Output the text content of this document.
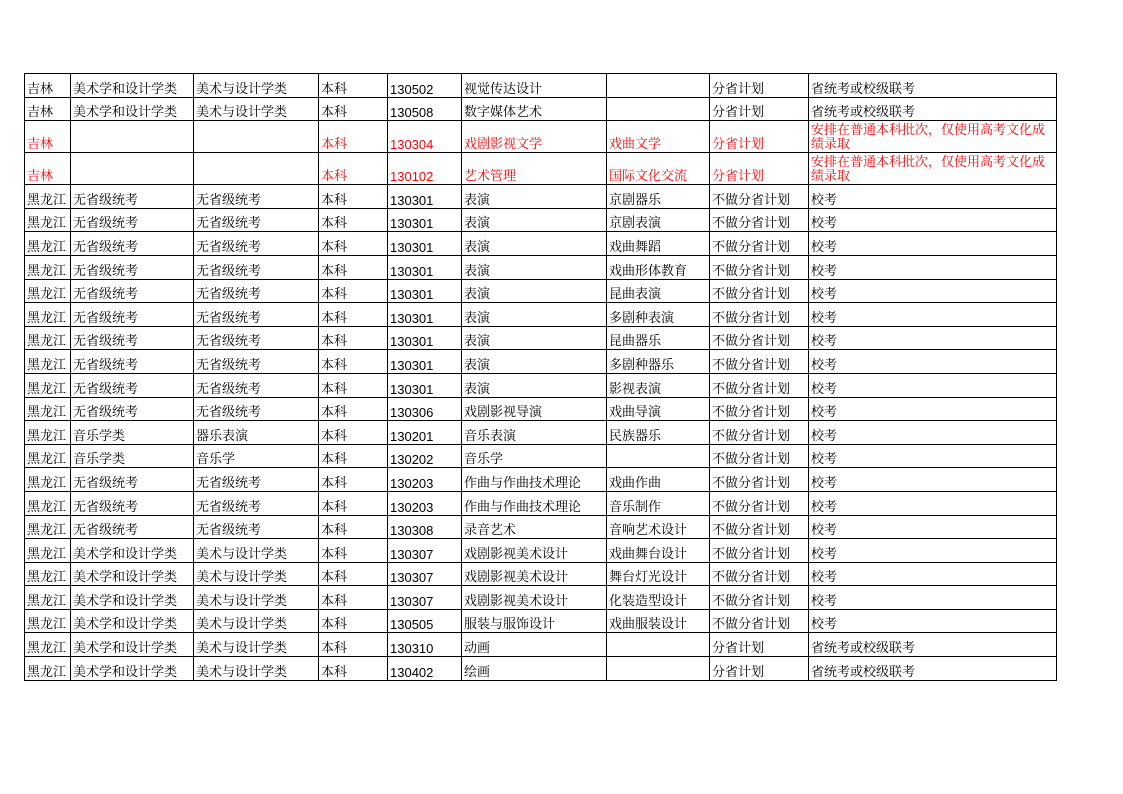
吉林	美术学和设计学类	美术与设计学类	本科	130502	视觉传达设计		分省计划	省统考或校级联考
吉林	美术学和设计学类	美术与设计学类	本科	130508	数字媒体艺术		分省计划	省统考或校级联考
吉林			本科	130304	戏剧影视文学	戏曲文学	分省计划	安排在普通本科批次，仅使用高考文化成绩录取
吉林			本科	130102	艺术管理	国际文化交流	分省计划	安排在普通本科批次，仅使用高考文化成绩录取
黑龙江	无省级统考	无省级统考	本科	130301	表演	京剧器乐	不做分省计划	校考
黑龙江	无省级统考	无省级统考	本科	130301	表演	京剧表演	不做分省计划	校考
黑龙江	无省级统考	无省级统考	本科	130301	表演	戏曲舞蹈	不做分省计划	校考
黑龙江	无省级统考	无省级统考	本科	130301	表演	戏曲形体教育	不做分省计划	校考
黑龙江	无省级统考	无省级统考	本科	130301	表演	昆曲表演	不做分省计划	校考
黑龙江	无省级统考	无省级统考	本科	130301	表演	多剧种表演	不做分省计划	校考
黑龙江	无省级统考	无省级统考	本科	130301	表演	昆曲器乐	不做分省计划	校考
黑龙江	无省级统考	无省级统考	本科	130301	表演	多剧种器乐	不做分省计划	校考
黑龙江	无省级统考	无省级统考	本科	130301	表演	影视表演	不做分省计划	校考
黑龙江	无省级统考	无省级统考	本科	130306	戏剧影视导演	戏曲导演	不做分省计划	校考
黑龙江	音乐学类	器乐表演	本科	130201	音乐表演	民族器乐	不做分省计划	校考
黑龙江	音乐学类	音乐学	本科	130202	音乐学		不做分省计划	校考
黑龙江	无省级统考	无省级统考	本科	130203	作曲与作曲技术理论	戏曲作曲	不做分省计划	校考
黑龙江	无省级统考	无省级统考	本科	130203	作曲与作曲技术理论	音乐制作	不做分省计划	校考
黑龙江	无省级统考	无省级统考	本科	130308	录音艺术	音响艺术设计	不做分省计划	校考
黑龙江	美术学和设计学类	美术与设计学类	本科	130307	戏剧影视美术设计	戏曲舞台设计	不做分省计划	校考
黑龙江	美术学和设计学类	美术与设计学类	本科	130307	戏剧影视美术设计	舞台灯光设计	不做分省计划	校考
黑龙江	美术学和设计学类	美术与设计学类	本科	130307	戏剧影视美术设计	化装造型设计	不做分省计划	校考
黑龙江	美术学和设计学类	美术与设计学类	本科	130505	服装与服饰设计	戏曲服装设计	不做分省计划	校考
黑龙江	美术学和设计学类	美术与设计学类	本科	130310	动画		分省计划	省统考或校级联考
黑龙江	美术学和设计学类	美术与设计学类	本科	130402	绘画		分省计划	省统考或校级联考
